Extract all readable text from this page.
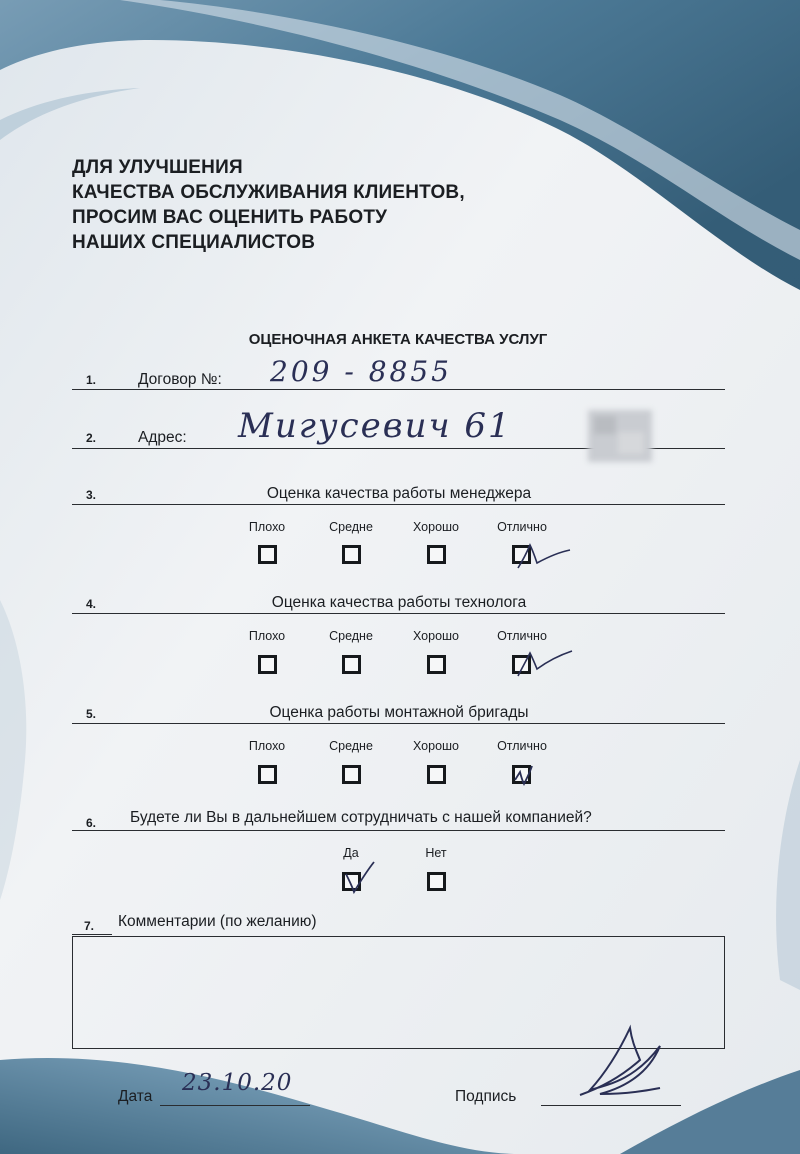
ДЛЯ УЛУЧШЕНИЯ
КАЧЕСТВА ОБСЛУЖИВАНИЯ КЛИЕНТОВ,
ПРОСИМ ВАС ОЦЕНИТЬ РАБОТУ
НАШИХ СПЕЦИАЛИСТОВ
ОЦЕНОЧНАЯ АНКЕТА КАЧЕСТВА УСЛУГ
1.	Договор №: 209 - 8855
2.	Адрес: Мигусевич 61
3.	Оценка качества работы менеджера
Плохо	Средне	Хорошо	Отлично
4.	Оценка качества работы технолога
Плохо	Средне	Хорошо	Отлично
5.	Оценка работы монтажной бригады
Плохо	Средне	Хорошо	Отлично
6. Будете ли Вы в дальнейшем сотрудничать с нашей компанией?
Да	Нет
7. Комментарии (по желанию)
Дата
23.10.20
Подпись
